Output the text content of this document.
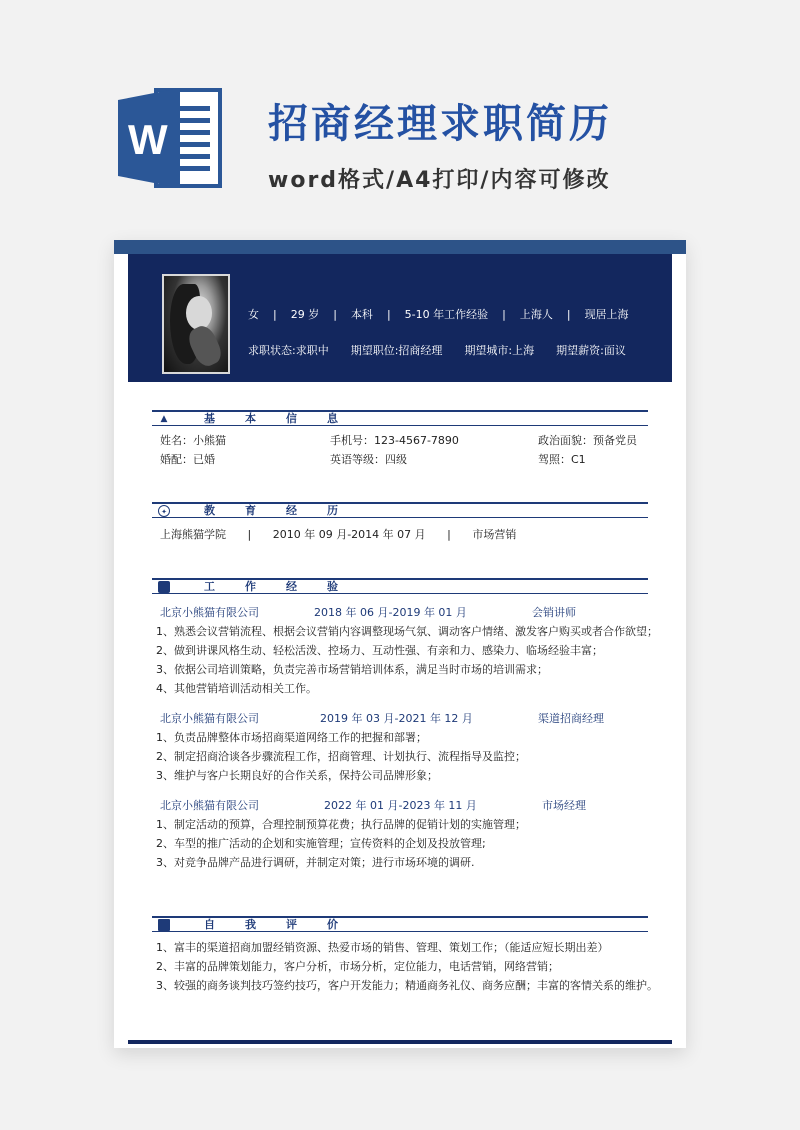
W	招商经理求职简历
word格式/A4打印/内容可修改
女 | 29 岁 | 本科 | 5-10 年工作经验 | 上海人 | 现居上海
求职状态:求职中 期望职位:招商经理 期望城市:上海 期望薪资:面议
▲
基本信息
姓名：小熊猫	手机号：123-4567-7890	政治面貌：预备党员
婚配：已婚	英语等级：四级	驾照：C1
✦	教育经历
上海熊猫学院 | 2010 年 09 月-2014 年 07 月 | 市场营销
工作经验
北京小熊猫有限公司	2018 年 06 月-2019 年 01 月	会销讲师
1、熟悉会议营销流程、根据会议营销内容调整现场气氛、调动客户情绪、激发客户购买或者合作欲望；
2、做到讲课风格生动、轻松活泼、控场力、互动性强、有亲和力、感染力、临场经验丰富；
3、依据公司培训策略，负责完善市场营销培训体系，满足当时市场的培训需求；
4、其他营销培训活动相关工作。
北京小熊猫有限公司	2019 年 03 月-2021 年 12 月	渠道招商经理
1、负责品牌整体市场招商渠道网络工作的把握和部署；
2、制定招商洽谈各步骤流程工作，招商管理、计划执行、流程指导及监控；
3、维护与客户长期良好的合作关系，保持公司品牌形象；
北京小熊猫有限公司	2022 年 01 月-2023 年 11 月	市场经理
1、制定活动的预算，合理控制预算花费；执行品牌的促销计划的实施管理；
2、车型的推广活动的企划和实施管理；宣传资料的企划及投放管理;
3、对竞争品牌产品进行调研，并制定对策；进行市场环境的调研.
自我评价
1、富丰的渠道招商加盟经销资源、热爱市场的销售、管理、策划工作；（能适应短长期出差）
2、丰富的品牌策划能力，客户分析，市场分析，定位能力，电话营销，网络营销；
3、较强的商务谈判技巧签约技巧，客户开发能力；精通商务礼仪、商务应酬；丰富的客情关系的维护。
